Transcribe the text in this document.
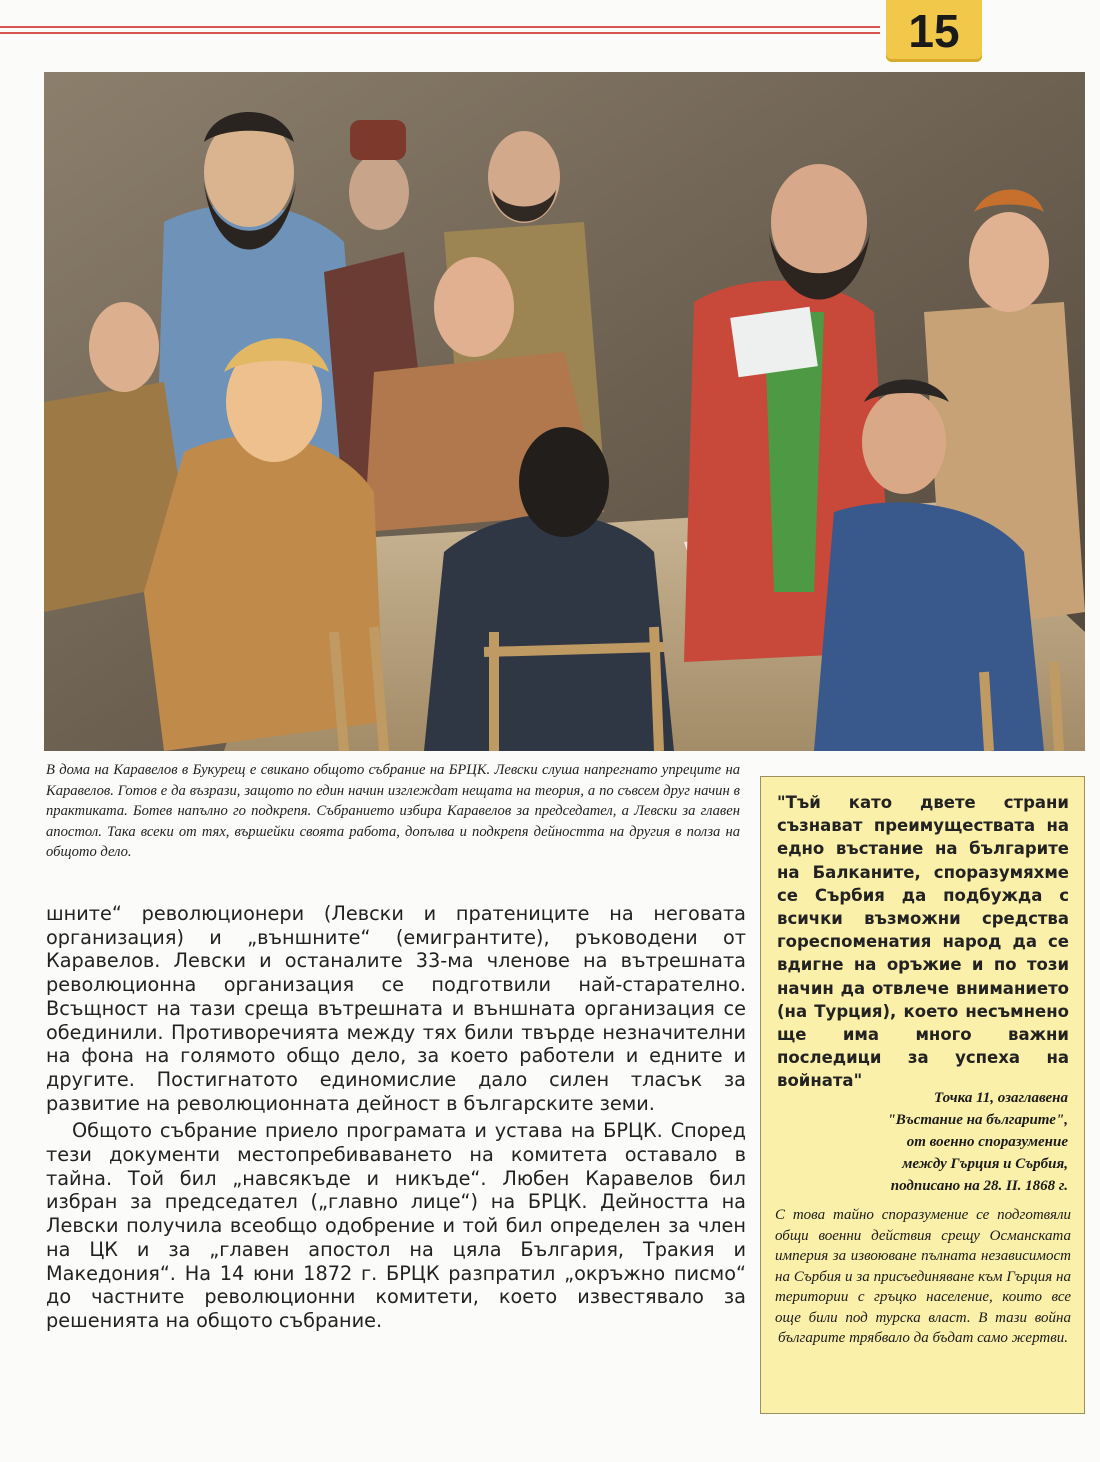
15

В дома на Каравелов в Букурещ е свикано общото събрание на БРЦК. Левски слуша напрегнато упреците на Каравелов. Готов е да възрази, защото по един начин изглеждат нещата на теория, а по съвсем друг начин в практиката. Ботев напълно го подкрепя. Събранието избира Каравелов за председател, а Левски за главен апостол. Така всеки от тях, вършейки своята работа, допълва и подкрепя дейността на другия в полза на общото дело.

шните“ революционери (Левски и пратениците на неговата организация) и „външните“ (емигрантите), ръководени от Каравелов. Левски и останалите 33-ма членове на вътрешната революционна организация се подготвили най-старателно. Всъщност на тази среща вътрешната и външната организация се обединили. Противоречията между тях били твърде незначителни на фона на голямото общо дело, за което работели и едните и другите. Постигнатото единомислие дало силен тласък за развитие на революционната дейност в българските земи.

Общото събрание приело програмата и устава на БРЦК. Според тези документи местопребиваването на комитета оставало в тайна. Той бил „навсякъде и никъде“. Любен Каравелов бил избран за председател („главно лице“) на БРЦК. Дейността на Левски получила всеобщо одобрение и той бил определен за член на ЦК и за „главен апостол на цяла България, Тракия и Македония“. На 14 юни 1872 г. БРЦК разпратил „окръжно писмо“ до частните революционни комитети, което известявало за решенията на общото събрание.

"Тъй като двете страни съзнават преимуществата на едно въстание на българите на Балканите, споразумяхме се Сърбия да подбужда с всички възможни средства гореспоменатия народ да се вдигне на оръжие и по този начин да отвлече вниманието (на Турция), което несъмнено ще има много важни последици за успеха на войната"

Точка 11, озаглавена
"Въстание на българите",
от военно споразумение
между Гърция и Сърбия,
подписано на 28. II. 1868 г.

С това тайно споразумение се подготвяли общи военни действия срещу Османската империя за извоюване пълната независимост на Сърбия и за присъединяване към Гърция на територии с гръцко население, които все още били под турска власт. В тази война българите трябвало да бъдат само жертви.
